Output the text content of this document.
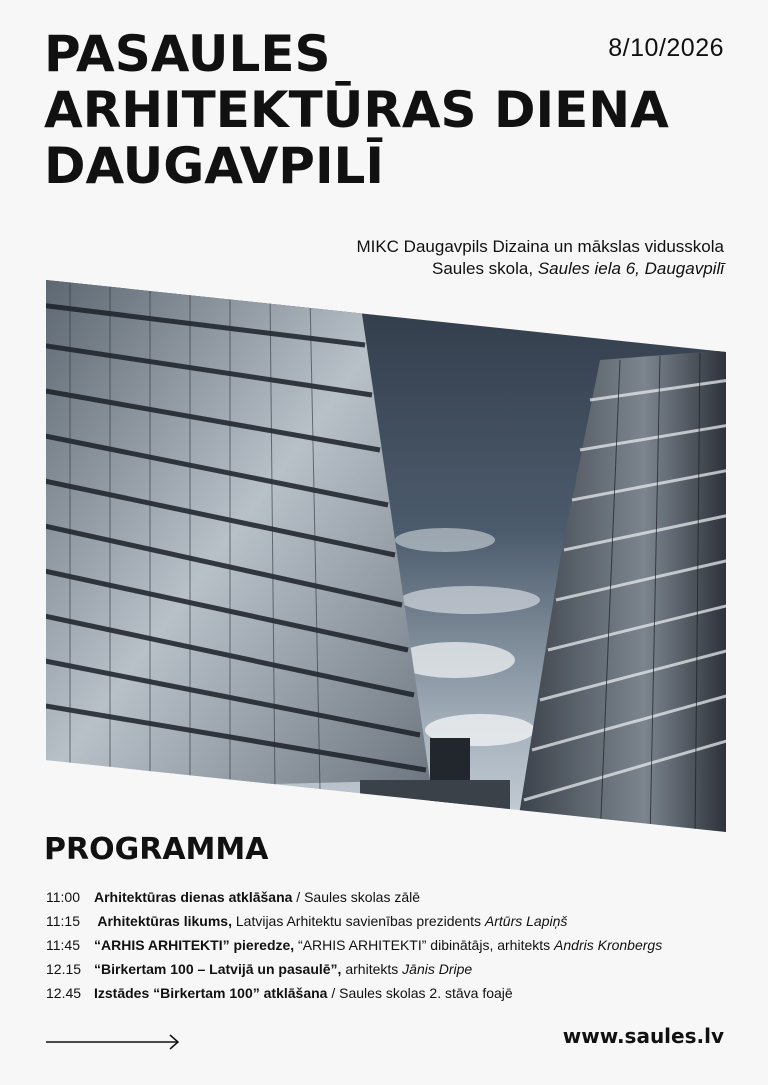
PASAULES
ARHITEKTŪRAS DIENA
DAUGAVPILĪ
8/10/2026
MIKC Daugavpils Dizaina un mākslas vidusskola
Saules skola, Saules iela 6, Daugavpilī
PROGRAMMA
11:00 Arhitektūras dienas atklāšana / Saules skolas zālē
11:15 Arhitektūras likums, Latvijas Arhitektu savienības prezidents Artūrs Lapiņš
11:45 “ARHIS ARHITEKTI” pieredze, “ARHIS ARHITEKTI” dibinātājs, arhitekts Andris Kronbergs
12.15 “Birkertam 100 – Latvijā un pasaulē”, arhitekts Jānis Dripe
12.45 Izstādes “Birkertam 100” atklāšana / Saules skolas 2. stāva foajē
www.saules.lv
